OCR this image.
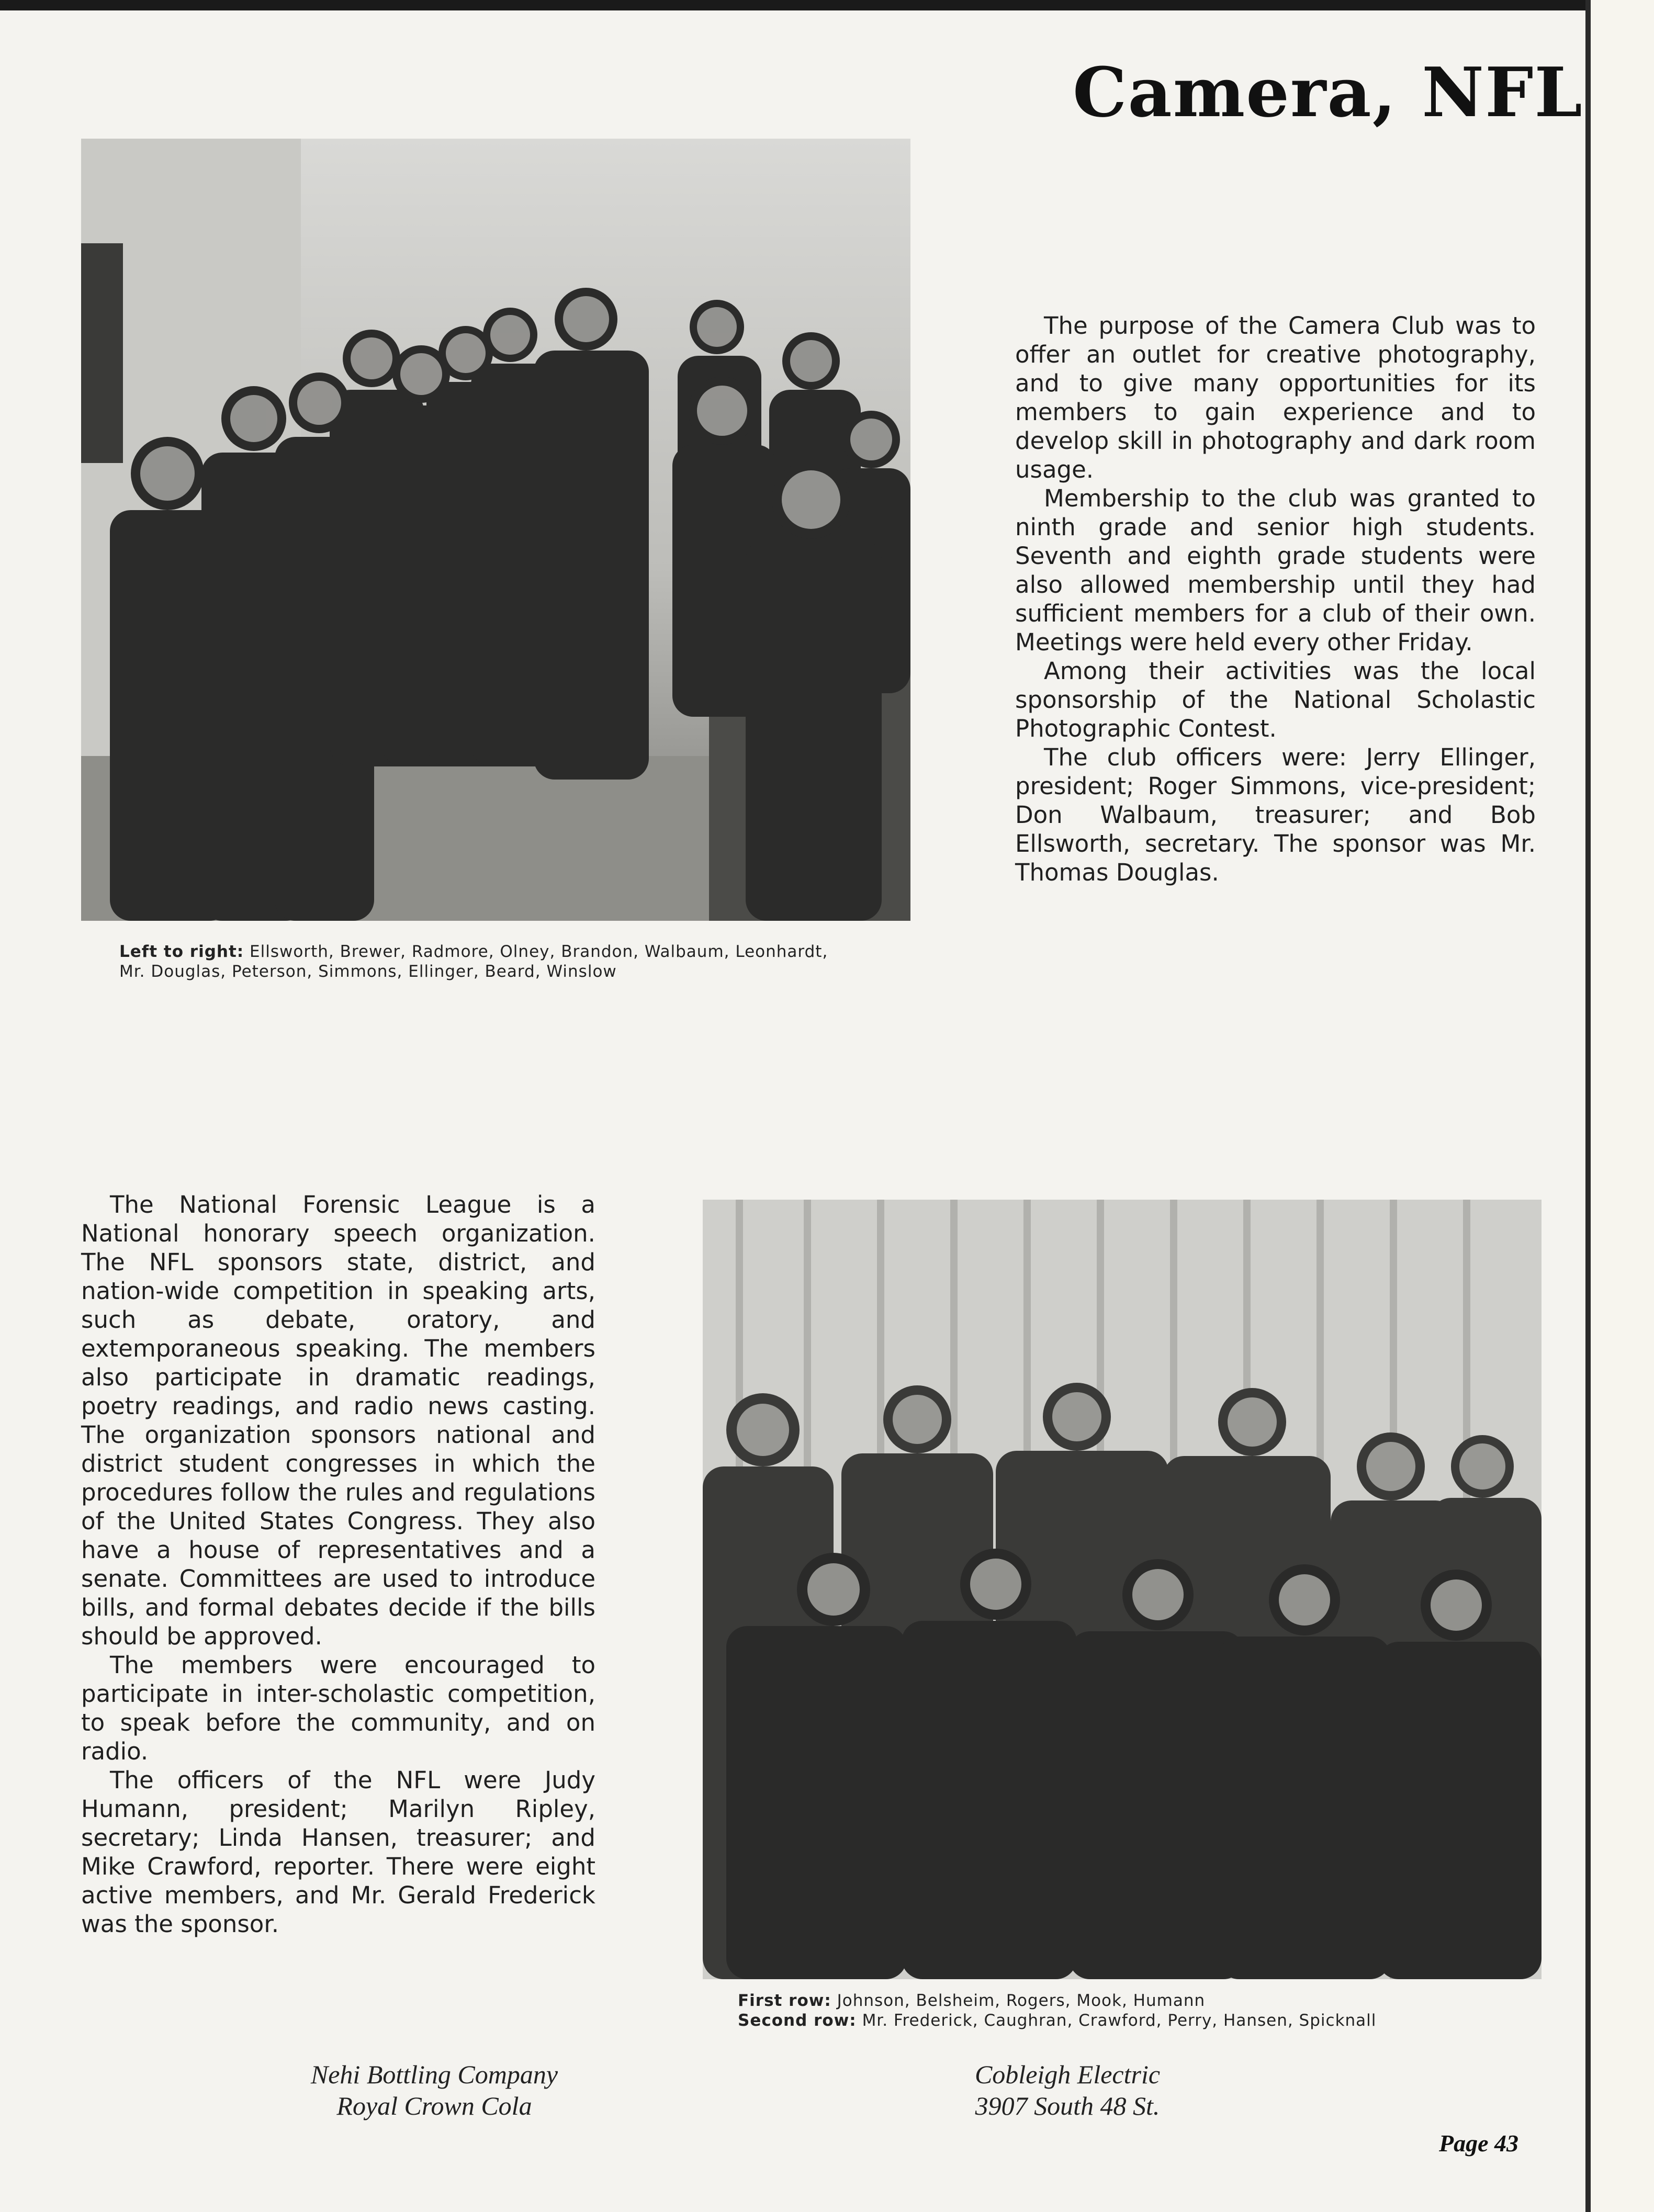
Camera, NFL
Left to right: Ellsworth, Brewer, Radmore, Olney, Brandon, Walbaum, Leonhardt,
Mr. Douglas, Peterson, Simmons, Ellinger, Beard, Winslow

The purpose of the Camera Club was to offer an outlet for creative photography, and to give many opportunities for its members to gain experience and to develop skill in photography and dark room usage.

Membership to the club was granted to ninth grade and senior high students. Seventh and eighth grade students were also allowed membership until they had sufficient members for a club of their own. Meetings were held every other Friday.

Among their activities was the local sponsorship of the National Scholastic Photographic Contest.

The club officers were: Jerry Ellinger, president; Roger Simmons, vice-president; Don Walbaum, treasurer; and Bob Ellsworth, secretary. The sponsor was Mr. Thomas Douglas.

The National Forensic League is a National honorary speech organization. The NFL sponsors state, district, and nation-wide competition in speaking arts, such as debate, oratory, and extemporaneous speaking. The members also participate in dramatic readings, poetry readings, and radio news casting. The organization sponsors national and district student congresses in which the procedures follow the rules and regulations of the United States Congress. They also have a house of representatives and a senate. Committees are used to introduce bills, and formal debates decide if the bills should be approved.

The members were encouraged to participate in inter-scholastic competition, to speak before the community, and on radio.

The officers of the NFL were Judy Humann, president; Marilyn Ripley, secretary; Linda Hansen, treasurer; and Mike Crawford, reporter. There were eight active members, and Mr. Gerald Frederick was the sponsor.

First row: Johnson, Belsheim, Rogers, Mook, Humann
Second row: Mr. Frederick, Caughran, Crawford, Perry, Hansen, Spicknall
Nehi Bottling Company
Royal Crown Cola
Cobleigh Electric
3907 South 48 St.
Page 43
